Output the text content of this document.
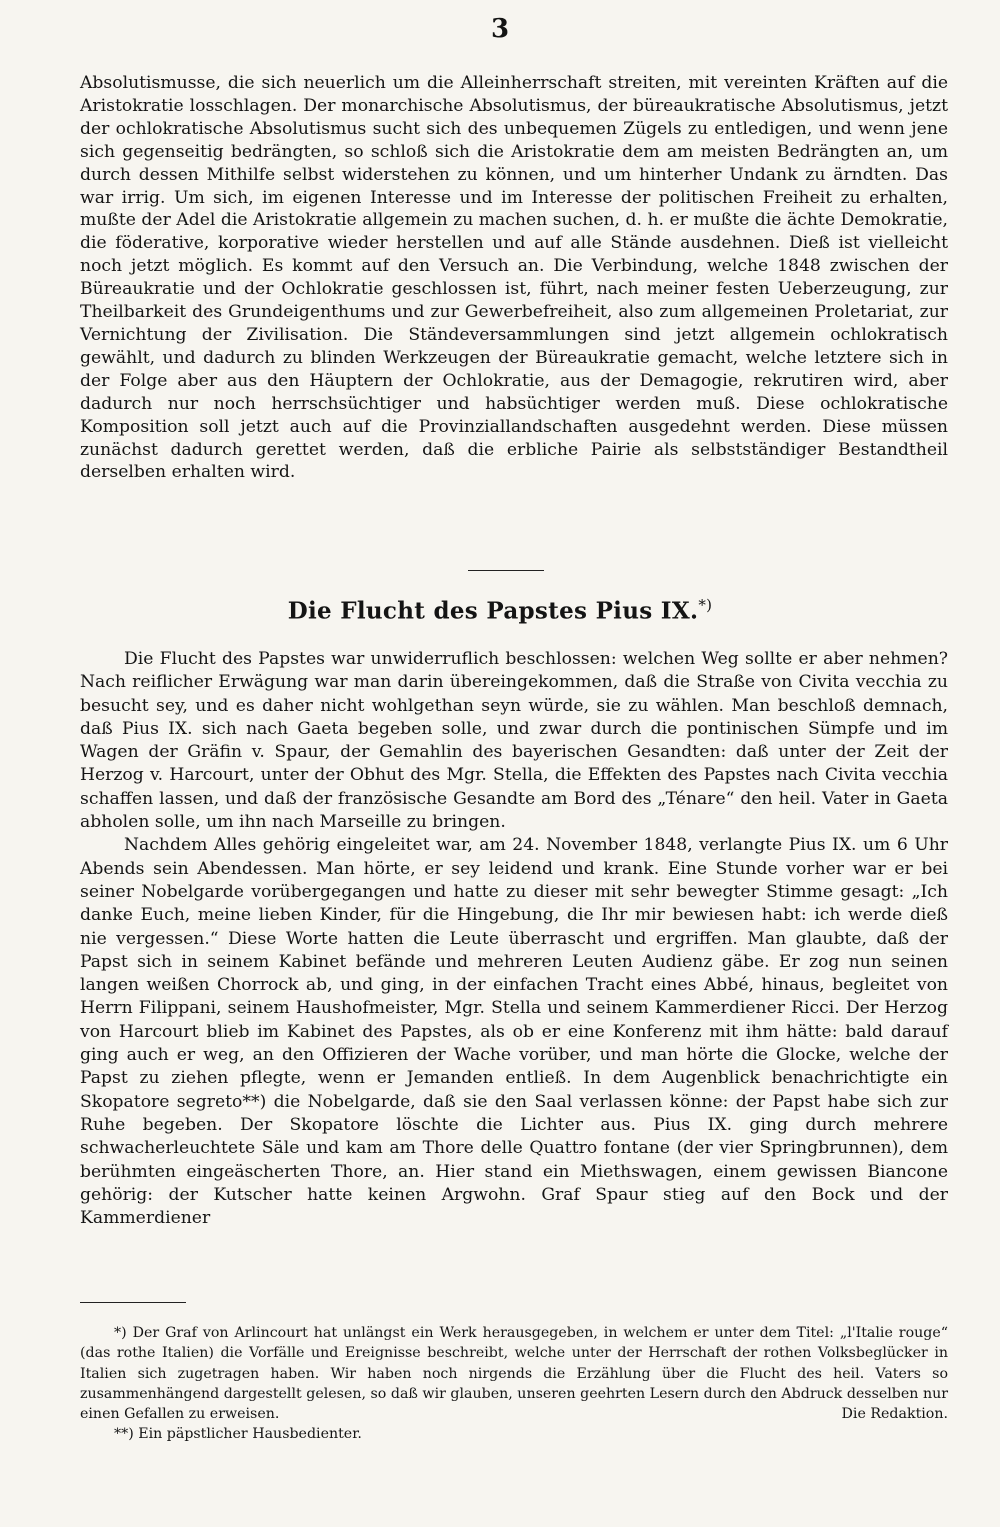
3

Absolutismusse, die sich neuerlich um die Alleinherrschaft streiten, mit vereinten Kräften auf die Aristokratie losschlagen. Der monarchische Absolutismus, der büreaukratische Absolutismus, jetzt der ochlokratische Absolutismus sucht sich des unbequemen Zügels zu entledigen, und wenn jene sich gegenseitig bedrängten, so schloß sich die Aristokratie dem am meisten Bedrängten an, um durch dessen Mithilfe selbst widerstehen zu können, und um hinterher Undank zu ärndten. Das war irrig. Um sich, im eigenen Interesse und im Interesse der politischen Freiheit zu erhalten, mußte der Adel die Aristokratie allgemein zu machen suchen, d. h. er mußte die ächte Demokratie, die föderative, korporative wieder herstellen und auf alle Stände ausdehnen. Dieß ist vielleicht noch jetzt möglich. Es kommt auf den Versuch an. Die Verbindung, welche 1848 zwischen der Büreaukratie und der Ochlokratie geschlossen ist, führt, nach meiner festen Ueberzeugung, zur Theilbarkeit des Grundeigenthums und zur Gewerbefreiheit, also zum allgemeinen Proletariat, zur Vernichtung der Zivilisation. Die Ständeversammlungen sind jetzt allgemein ochlokratisch gewählt, und dadurch zu blinden Werkzeugen der Büreaukratie gemacht, welche letztere sich in der Folge aber aus den Häuptern der Ochlokratie, aus der Demagogie, rekrutiren wird, aber dadurch nur noch herrschsüchtiger und habsüchtiger werden muß. Diese ochlokratische Komposition soll jetzt auch auf die Provinziallandschaften ausgedehnt werden. Diese müssen zunächst dadurch gerettet werden, daß die erbliche Pairie als selbstständiger Bestandtheil derselben erhalten wird.

Die Flucht des Papstes Pius IX.*)

Die Flucht des Papstes war unwiderruflich beschlossen: welchen Weg sollte er aber nehmen? Nach reiflicher Erwägung war man darin übereingekommen, daß die Straße von Civita vecchia zu besucht sey, und es daher nicht wohlgethan seyn würde, sie zu wählen. Man beschloß demnach, daß Pius IX. sich nach Gaeta begeben solle, und zwar durch die pontinischen Sümpfe und im Wagen der Gräfin v. Spaur, der Gemahlin des bayerischen Gesandten: daß unter der Zeit der Herzog v. Harcourt, unter der Obhut des Mgr. Stella, die Effekten des Papstes nach Civita vecchia schaffen lassen, und daß der französische Gesandte am Bord des „Ténare“ den heil. Vater in Gaeta abholen solle, um ihn nach Marseille zu bringen.

Nachdem Alles gehörig eingeleitet war, am 24. November 1848, verlangte Pius IX. um 6 Uhr Abends sein Abendessen. Man hörte, er sey leidend und krank. Eine Stunde vorher war er bei seiner Nobelgarde vorübergegangen und hatte zu dieser mit sehr bewegter Stimme gesagt: „Ich danke Euch, meine lieben Kinder, für die Hingebung, die Ihr mir bewiesen habt: ich werde dieß nie vergessen.“ Diese Worte hatten die Leute überrascht und ergriffen. Man glaubte, daß der Papst sich in seinem Kabinet befände und mehreren Leuten Audienz gäbe. Er zog nun seinen langen weißen Chorrock ab, und ging, in der einfachen Tracht eines Abbé, hinaus, begleitet von Herrn Filippani, seinem Haushofmeister, Mgr. Stella und seinem Kammerdiener Ricci. Der Herzog von Harcourt blieb im Kabinet des Papstes, als ob er eine Konferenz mit ihm hätte: bald darauf ging auch er weg, an den Offizieren der Wache vorüber, und man hörte die Glocke, welche der Papst zu ziehen pflegte, wenn er Jemanden entließ. In dem Augenblick benachrichtigte ein Skopatore segreto**) die Nobelgarde, daß sie den Saal verlassen könne: der Papst habe sich zur Ruhe begeben. Der Skopatore löschte die Lichter aus. Pius IX. ging durch mehrere schwacherleuchtete Säle und kam am Thore delle Quattro fontane (der vier Springbrunnen), dem berühmten eingeäscherten Thore, an. Hier stand ein Miethswagen, einem gewissen Biancone gehörig: der Kutscher hatte keinen Argwohn. Graf Spaur stieg auf den Bock und der Kammerdiener

*) Der Graf von Arlincourt hat unlängst ein Werk herausgegeben, in welchem er unter dem Titel: „l'Italie rouge“ (das rothe Italien) die Vorfälle und Ereignisse beschreibt, welche unter der Herrschaft der rothen Volksbeglücker in Italien sich zugetragen haben. Wir haben noch nirgends die Erzählung über die Flucht des heil. Vaters so zusammenhängend dargestellt gelesen, so daß wir glauben, unseren geehrten Lesern durch den Abdruck desselben nur einen Gefallen zu erweisen.	Die Redaktion.

**) Ein päpstlicher Hausbedienter.
